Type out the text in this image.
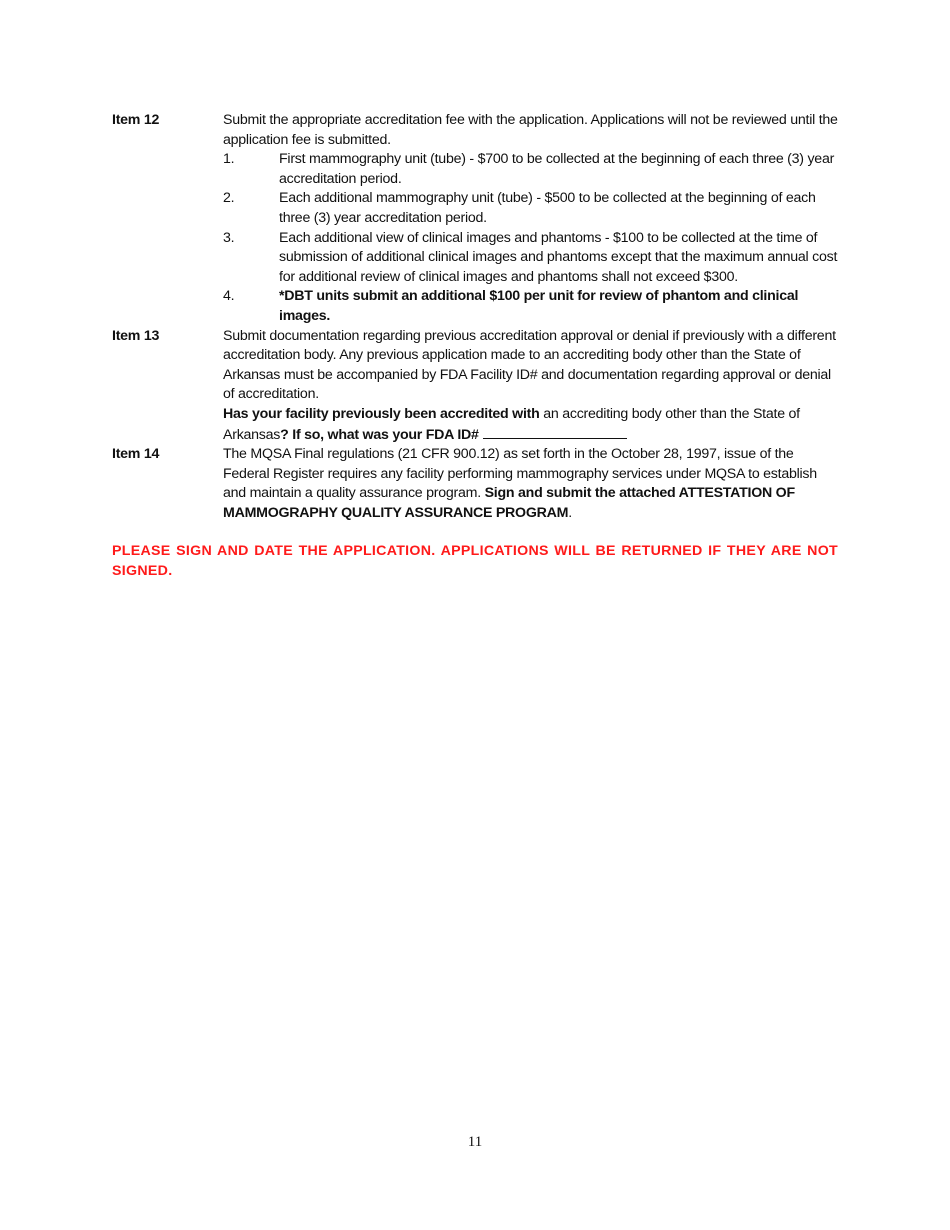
Item 12	Submit the appropriate accreditation fee with the application. Applications will not be reviewed until the application fee is submitted.
1.	First mammography unit (tube) - $700 to be collected at the beginning of each three (3) year accreditation period.
2.	Each additional mammography unit (tube) - $500 to be collected at the beginning of each three (3) year accreditation period.
3.	Each additional view of clinical images and phantoms - $100 to be collected at the time of submission of additional clinical images and phantoms except that the maximum annual cost for additional review of clinical images and phantoms shall not exceed $300.
4.	*DBT units submit an additional $100 per unit for review of phantom and clinical images.
Item 13	Submit documentation regarding previous accreditation approval or denial if previously with a different accreditation body. Any previous application made to an accrediting body other than the State of Arkansas must be accompanied by FDA Facility ID# and documentation regarding approval or denial of accreditation.
Has your facility previously been accredited with an accrediting body other than the State of Arkansas? If so, what was your FDA ID#
Item 14	The MQSA Final regulations (21 CFR 900.12) as set forth in the October 28, 1997, issue of the Federal Register requires any facility performing mammography services under MQSA to establish and maintain a quality assurance program. Sign and submit the attached ATTESTATION OF MAMMOGRAPHY QUALITY ASSURANCE PROGRAM.
PLEASE SIGN AND DATE THE APPLICATION. APPLICATIONS WILL BE RETURNED IF THEY ARE NOT SIGNED.
11
